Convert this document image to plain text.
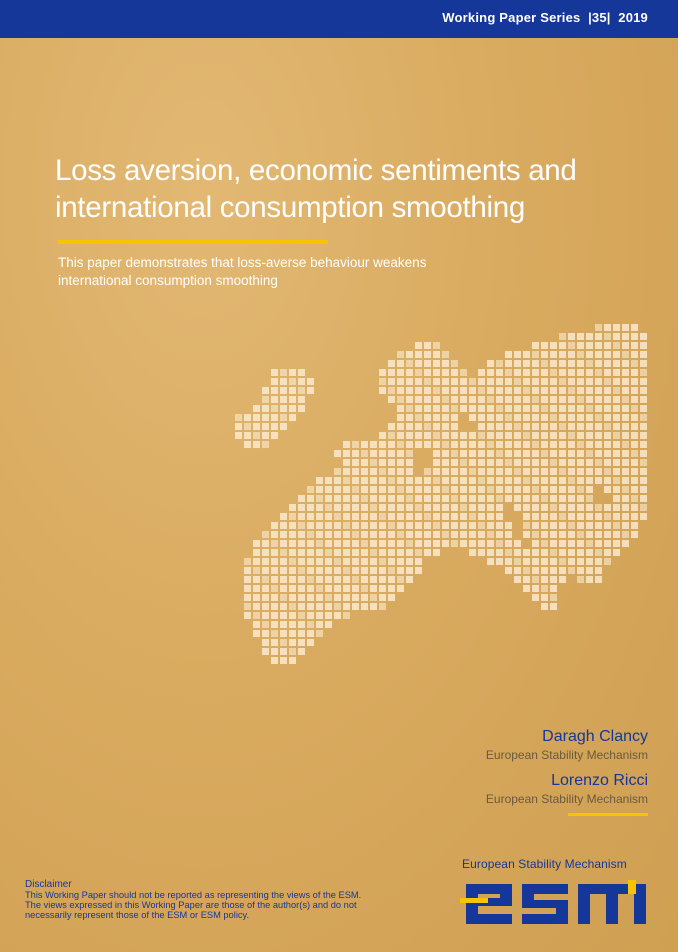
Working Paper Series |35| 2019
Loss aversion, economic sentiments and
international consumption smoothing
This paper demonstrates that loss-averse behaviour weakens
international consumption smoothing
Daragh Clancy
European Stability Mechanism
Lorenzo Ricci
European Stability Mechanism
Disclaimer
This Working Paper should not be reported as representing the views of the ESM.
The views expressed in this Working Paper are those of the author(s) and do not
necessarily represent those of the ESM or ESM policy.
European Stability Mechanism
